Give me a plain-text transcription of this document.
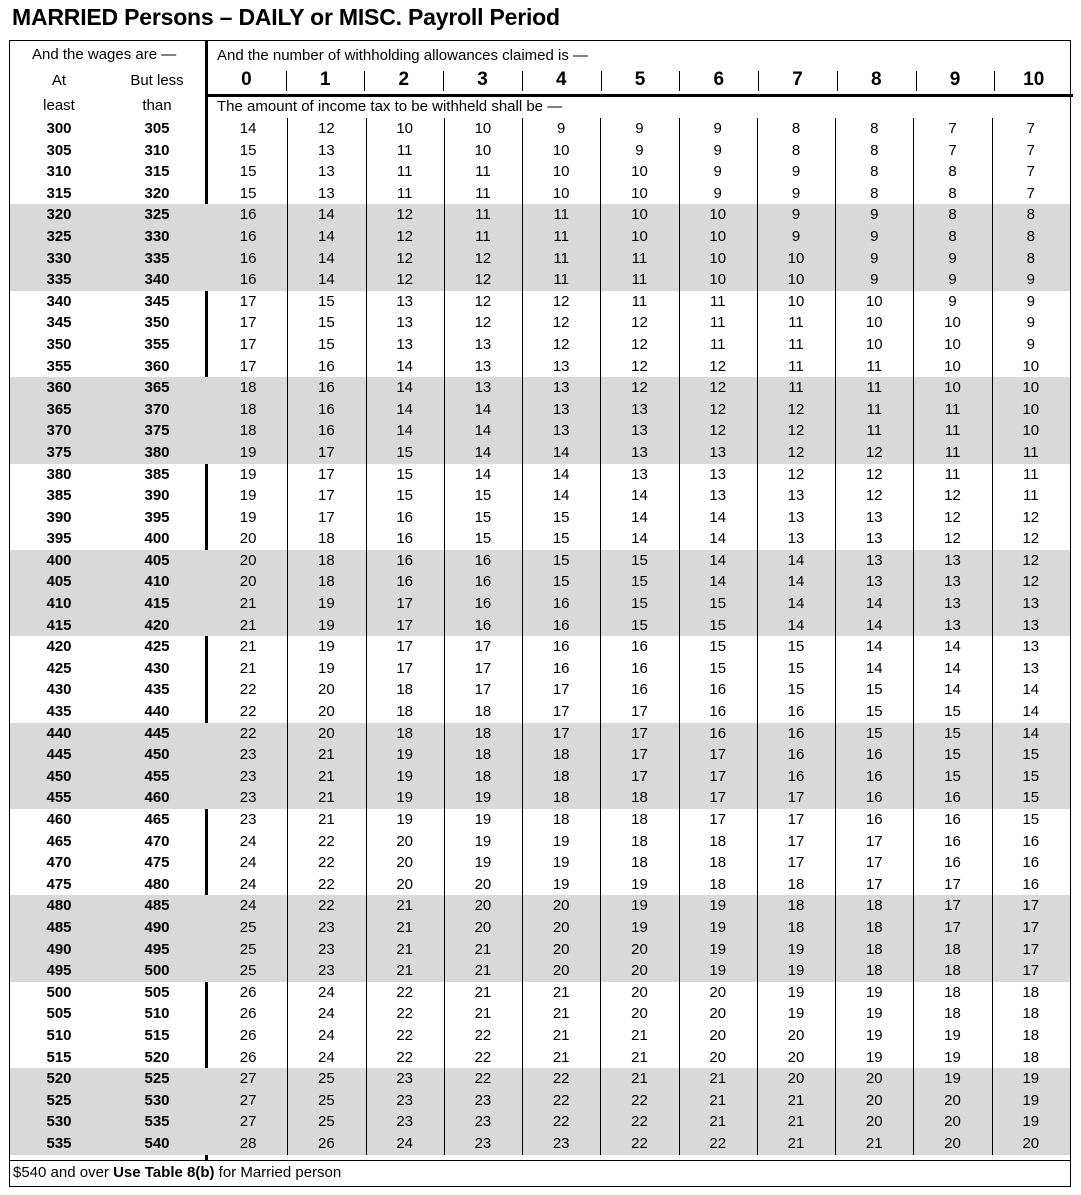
MARRIED Persons – DAILY or MISC. Payroll Period
And the wages are —
At
least
But less
than
And the number of withholding allowances claimed is —
0	1	2	3	4	5	6	7	8	9	10
The amount of income tax to be withheld shall be —
300	305	14	12	10	10	9	9	9	8	8	7	7
305	310	15	13	11	10	10	9	9	8	8	7	7
310	315	15	13	11	11	10	10	9	9	8	8	7
315	320	15	13	11	11	10	10	9	9	8	8	7
320	325	16	14	12	11	11	10	10	9	9	8	8
325	330	16	14	12	11	11	10	10	9	9	8	8
330	335	16	14	12	12	11	11	10	10	9	9	8
335	340	16	14	12	12	11	11	10	10	9	9	9
340	345	17	15	13	12	12	11	11	10	10	9	9
345	350	17	15	13	12	12	12	11	11	10	10	9
350	355	17	15	13	13	12	12	11	11	10	10	9
355	360	17	16	14	13	13	12	12	11	11	10	10
360	365	18	16	14	13	13	12	12	11	11	10	10
365	370	18	16	14	14	13	13	12	12	11	11	10
370	375	18	16	14	14	13	13	12	12	11	11	10
375	380	19	17	15	14	14	13	13	12	12	11	11
380	385	19	17	15	14	14	13	13	12	12	11	11
385	390	19	17	15	15	14	14	13	13	12	12	11
390	395	19	17	16	15	15	14	14	13	13	12	12
395	400	20	18	16	15	15	14	14	13	13	12	12
400	405	20	18	16	16	15	15	14	14	13	13	12
405	410	20	18	16	16	15	15	14	14	13	13	12
410	415	21	19	17	16	16	15	15	14	14	13	13
415	420	21	19	17	16	16	15	15	14	14	13	13
420	425	21	19	17	17	16	16	15	15	14	14	13
425	430	21	19	17	17	16	16	15	15	14	14	13
430	435	22	20	18	17	17	16	16	15	15	14	14
435	440	22	20	18	18	17	17	16	16	15	15	14
440	445	22	20	18	18	17	17	16	16	15	15	14
445	450	23	21	19	18	18	17	17	16	16	15	15
450	455	23	21	19	18	18	17	17	16	16	15	15
455	460	23	21	19	19	18	18	17	17	16	16	15
460	465	23	21	19	19	18	18	17	17	16	16	15
465	470	24	22	20	19	19	18	18	17	17	16	16
470	475	24	22	20	19	19	18	18	17	17	16	16
475	480	24	22	20	20	19	19	18	18	17	17	16
480	485	24	22	21	20	20	19	19	18	18	17	17
485	490	25	23	21	20	20	19	19	18	18	17	17
490	495	25	23	21	21	20	20	19	19	18	18	17
495	500	25	23	21	21	20	20	19	19	18	18	17
500	505	26	24	22	21	21	20	20	19	19	18	18
505	510	26	24	22	21	21	20	20	19	19	18	18
510	515	26	24	22	22	21	21	20	20	19	19	18
515	520	26	24	22	22	21	21	20	20	19	19	18
520	525	27	25	23	22	22	21	21	20	20	19	19
525	530	27	25	23	23	22	22	21	21	20	20	19
530	535	27	25	23	23	22	22	21	21	20	20	19
535	540	28	26	24	23	23	22	22	21	21	20	20
$540 and over Use Table 8(b) for Married person
